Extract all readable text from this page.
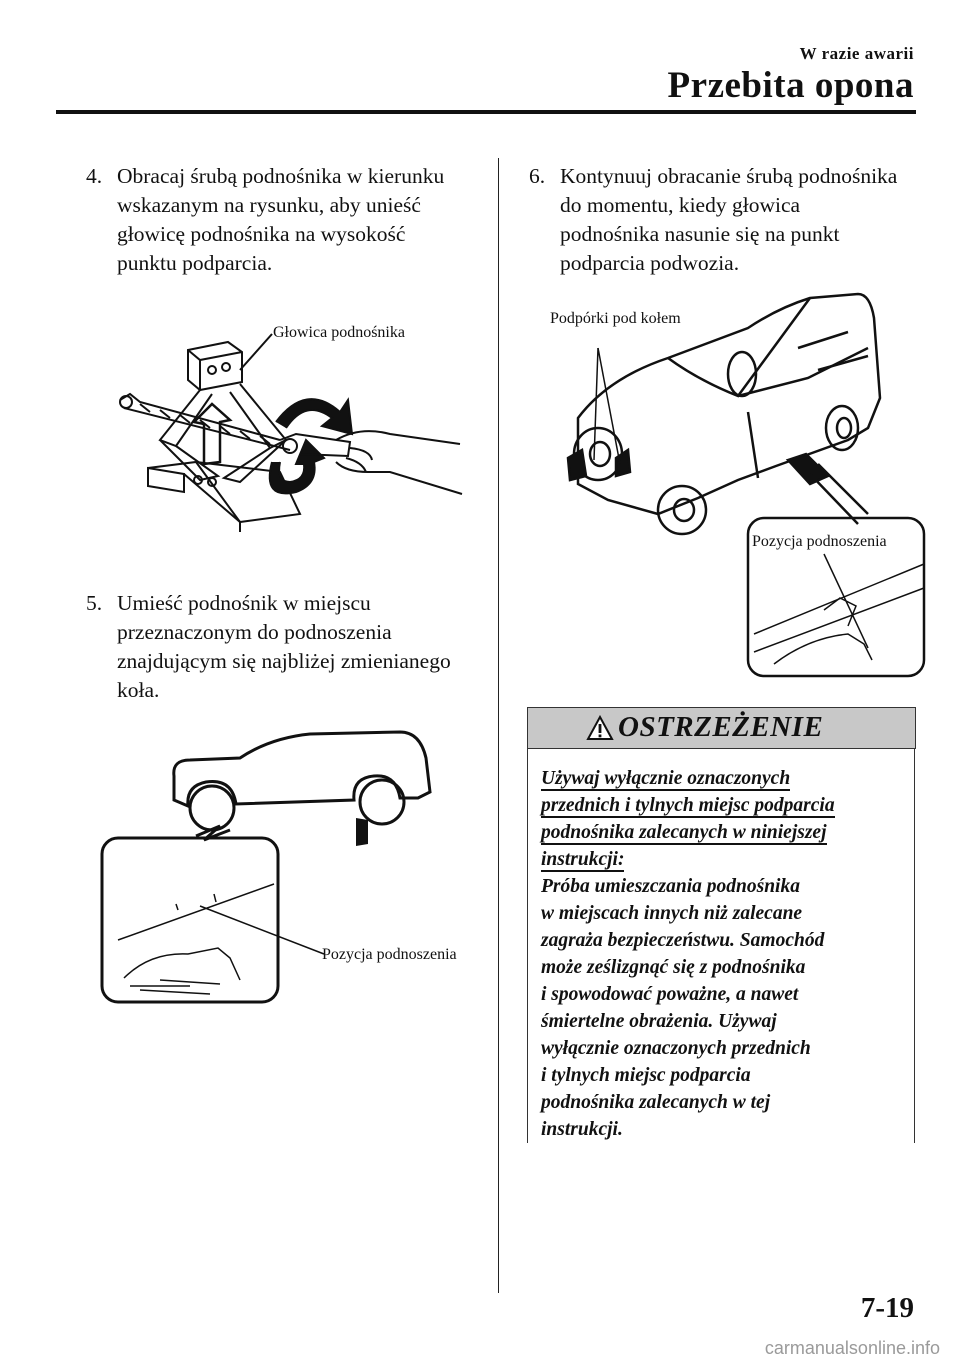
W razie awarii
Przebita opona
4. Obracaj śrubą podnośnika w kierunku
wskazanym na rysunku, aby unieść
głowicę podnośnika na wysokość
punktu podparcia.
Głowica podnośnika
5. Umieść podnośnik w miejscu
przeznaczonym do podnoszenia
znajdującym się najbliżej zmienianego
koła.
Pozycja podnoszenia
6. Kontynuuj obracanie śrubą podnośnika
do momentu, kiedy głowica
podnośnika nasunie się na punkt
podparcia podwozia.
Podpórki pod kołem
Pozycja podnoszenia
OSTRZEŻENIE
Używaj wyłącznie oznaczonych
przednich i tylnych miejsc podparcia
podnośnika zalecanych w niniejszej
instrukcji:
Próba umieszczania podnośnika
w miejscach innych niż zalecane
zagraża bezpieczeństwu. Samochód
może ześlizgnąć się z podnośnika
i spowodować poważne, a nawet
śmiertelne obrażenia. Używaj
wyłącznie oznaczonych przednich
i tylnych miejsc podparcia
podnośnika zalecanych w tej
instrukcji.
7-19
carmanualsonline.info
